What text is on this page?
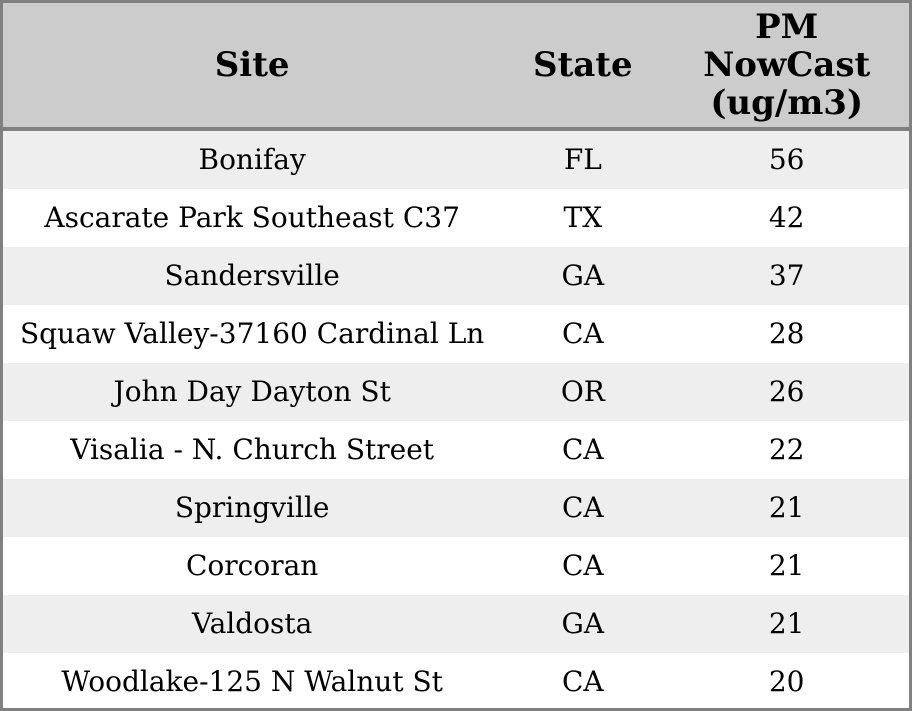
Site	State	PM
NowCast
(ug/m3)

Bonifay	FL	56
Ascarate Park Southeast C37	TX	42
Sandersville	GA	37
Squaw Valley-37160 Cardinal Ln	CA	28
John Day Dayton St	OR	26
Visalia - N. Church Street	CA	22
Springville	CA	21
Corcoran	CA	21
Valdosta	GA	21
Woodlake-125 N Walnut St	CA	20
